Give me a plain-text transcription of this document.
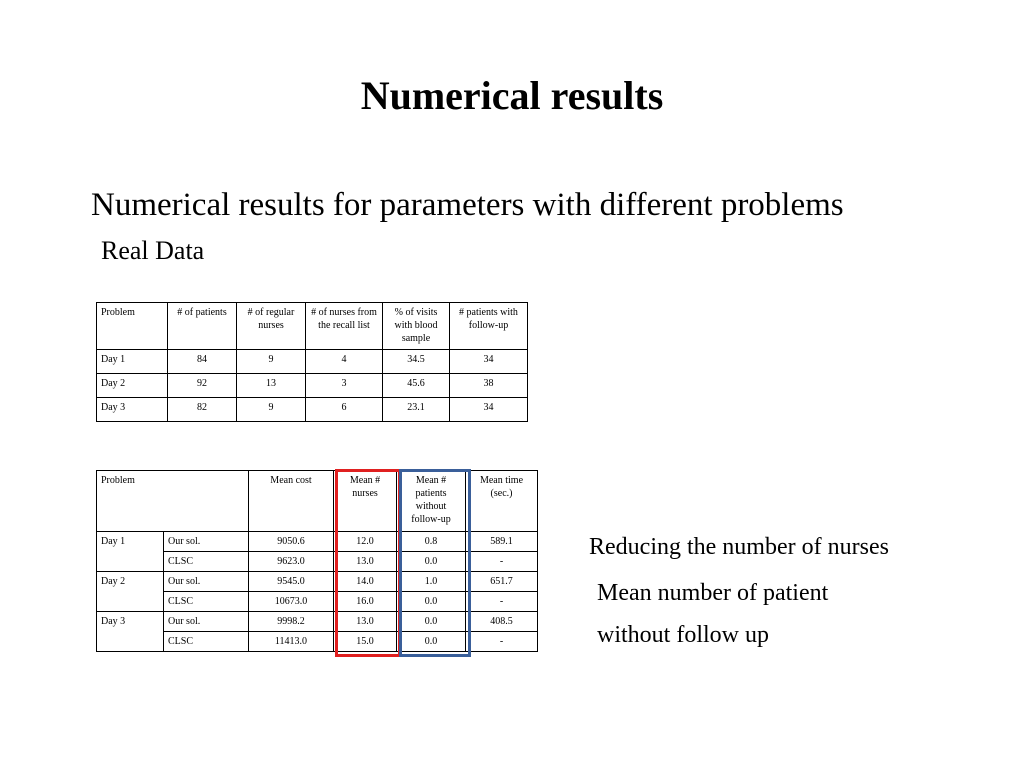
Numerical results
Numerical results for parameters with different problems
Real Data
Problem	# of patients	# of regular nurses	# of nurses from the recall list	% of visits with blood sample	# patients with follow-up
Day 1	84	9	4	34.5	34
Day 2	92	13	3	45.6	38
Day 3	82	9	6	23.1	34
Problem		Mean cost	Mean # nurses	Mean # patients without follow-up	Mean time (sec.)
Day 1	Our sol.	9050.6	12.0	0.8	589.1
	CLSC	9623.0	13.0	0.0	-
Day 2	Our sol.	9545.0	14.0	1.0	651.7
	CLSC	10673.0	16.0	0.0	-
Day 3	Our sol.	9998.2	13.0	0.0	408.5
	CLSC	11413.0	15.0	0.0	-
Reducing the number of nurses
Mean number of patient
without follow up
